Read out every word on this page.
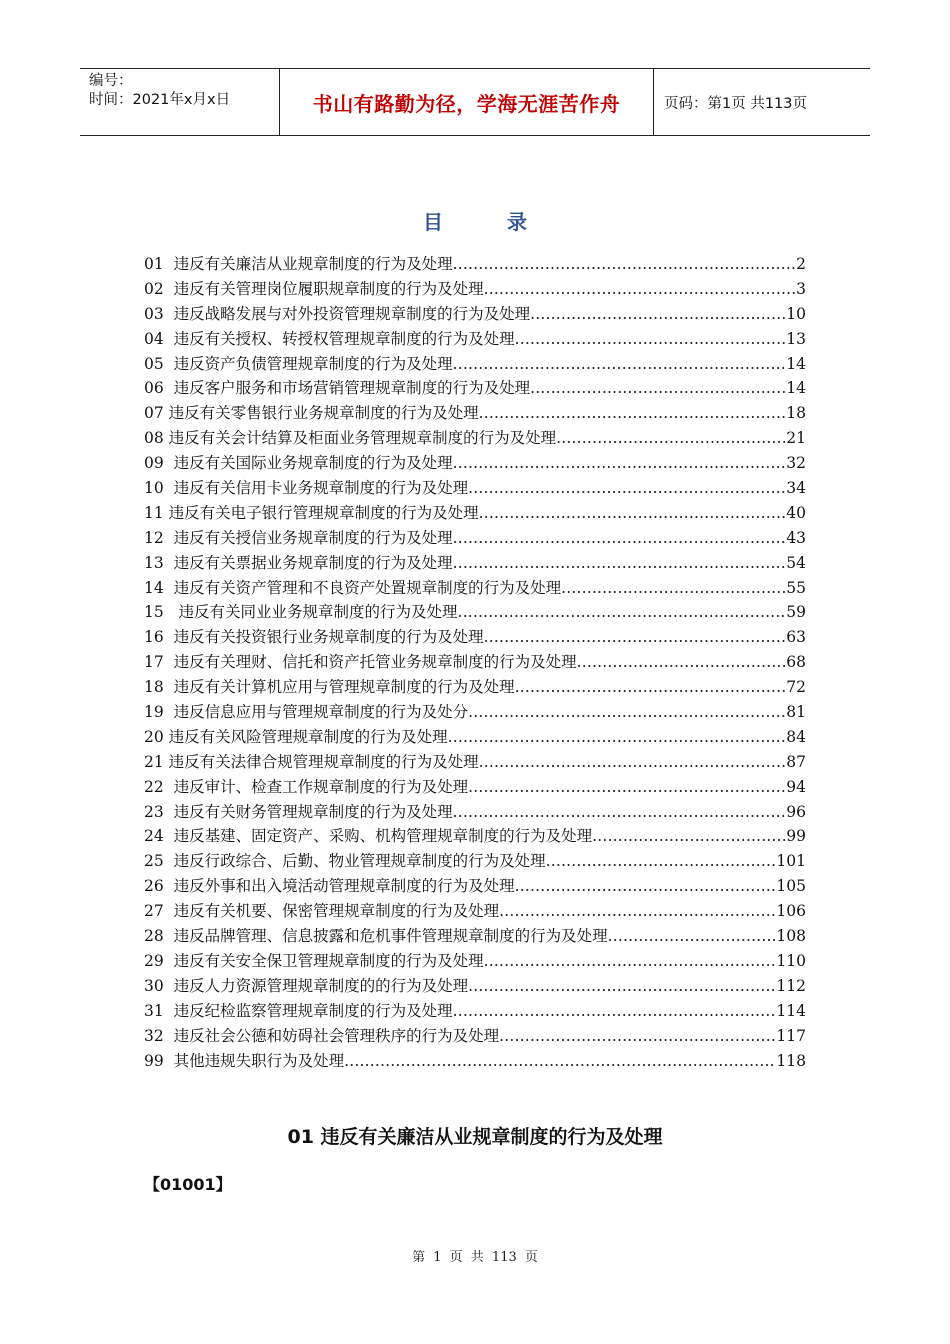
编号：
时间：2021年x月x日	书山有路勤为径，学海无涯苦作舟	页码：第1页 共113页
目	录
01 违反有关廉洁从业规章制度的行为及处理 .....	2
02 违反有关管理岗位履职规章制度的行为及处理 .....	3
03 违反战略发展与对外投资管理规章制度的行为及处理 .....	10
04 违反有关授权、转授权管理规章制度的行为及处理 .....	13
05 违反资产负债管理规章制度的行为及处理 .....	14
06 违反客户服务和市场营销管理规章制度的行为及处理 .....	14
07 违反有关零售银行业务规章制度的行为及处理 .....	18
08 违反有关会计结算及柜面业务管理规章制度的行为及处理 .....	21
09 违反有关国际业务规章制度的行为及处理 .....	32
10 违反有关信用卡业务规章制度的行为及处理 .....	34
11 违反有关电子银行管理规章制度的行为及处理 .....	40
12 违反有关授信业务规章制度的行为及处理 .....	43
13 违反有关票据业务规章制度的行为及处理 .....	54
14 违反有关资产管理和不良资产处置规章制度的行为及处理 .....	55
15 违反有关同业业务规章制度的行为及处理 .....	59
16 违反有关投资银行业务规章制度的行为及处理 .....	63
17 违反有关理财、信托和资产托管业务规章制度的行为及处理 .....	68
18 违反有关计算机应用与管理规章制度的行为及处理 .....	72
19 违反信息应用与管理规章制度的行为及处分 .....	81
20 违反有关风险管理规章制度的行为及处理 .....	84
21 违反有关法律合规管理规章制度的行为及处理 .....	87
22 违反审计、检查工作规章制度的行为及处理 .....	94
23 违反有关财务管理规章制度的行为及处理 .....	96
24 违反基建、固定资产、采购、机构管理规章制度的行为及处理 .....	99
25 违反行政综合、后勤、物业管理规章制度的行为及处理 .....	101
26 违反外事和出入境活动管理规章制度的行为及处理 .....	105
27 违反有关机要、保密管理规章制度的行为及处理 .....	106
28 违反品牌管理、信息披露和危机事件管理规章制度的行为及处理 .....	108
29 违反有关安全保卫管理规章制度的行为及处理 .....	110
30 违反人力资源管理规章制度的的行为及处理 .....	112
31 违反纪检监察管理规章制度的行为及处理 .....	114
32 违反社会公德和妨碍社会管理秩序的行为及处理 .....	117
99 其他违规失职行为及处理 .....	118
01 违反有关廉洁从业规章制度的行为及处理
【01001】
第 1 页 共 113 页
